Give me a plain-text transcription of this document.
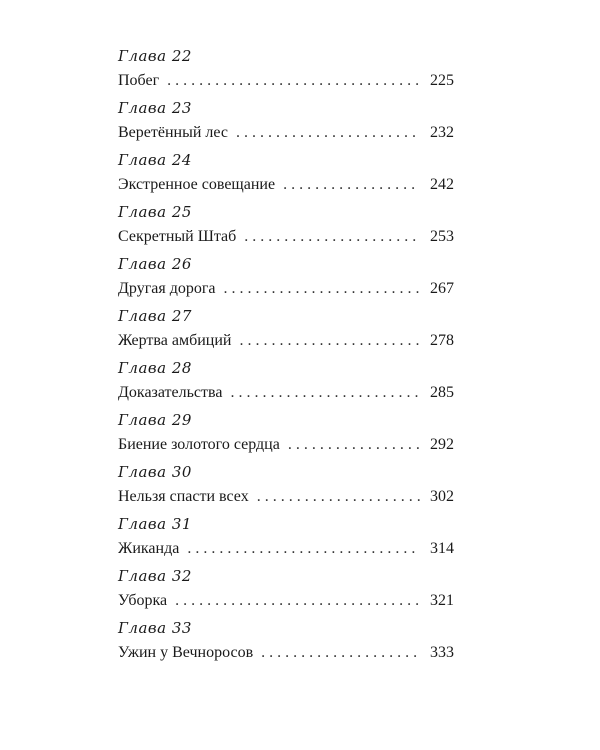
Глава 22
Побег . . .	225
Глава 23
Веретённый лес . . .	232
Глава 24
Экстренное совещание . . .	242
Глава 25
Секретный Штаб . . .	253
Глава 26
Другая дорога . . .	267
Глава 27
Жертва амбиций . . .	278
Глава 28
Доказательства . . .	285
Глава 29
Биение золотого сердца . . .	292
Глава 30
Нельзя спасти всех . . .	302
Глава 31
Жиканда . . .	314
Глава 32
Уборка . . .	321
Глава 33
Ужин у Вечноросов . . .	333
